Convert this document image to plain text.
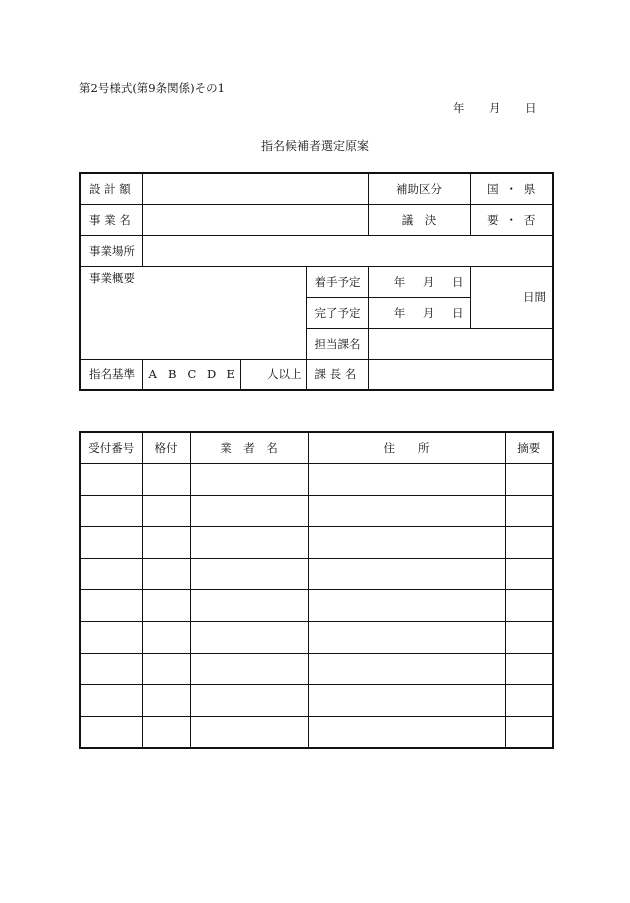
第2号様式(第9条関係)その1
年 月 日
指名候補者選定原案
設 計 額				補助区分	国 ・ 県
事 業 名				議　決	要 ・ 否
事業場所					
事業概要			着手予定	年 月 日	日間
			完了予定	年 月 日	
			担当課名		
指名基準	A B C D E	人以上	課 長 名		
受付番号	格付	業　者　名	住　　所	摘要
